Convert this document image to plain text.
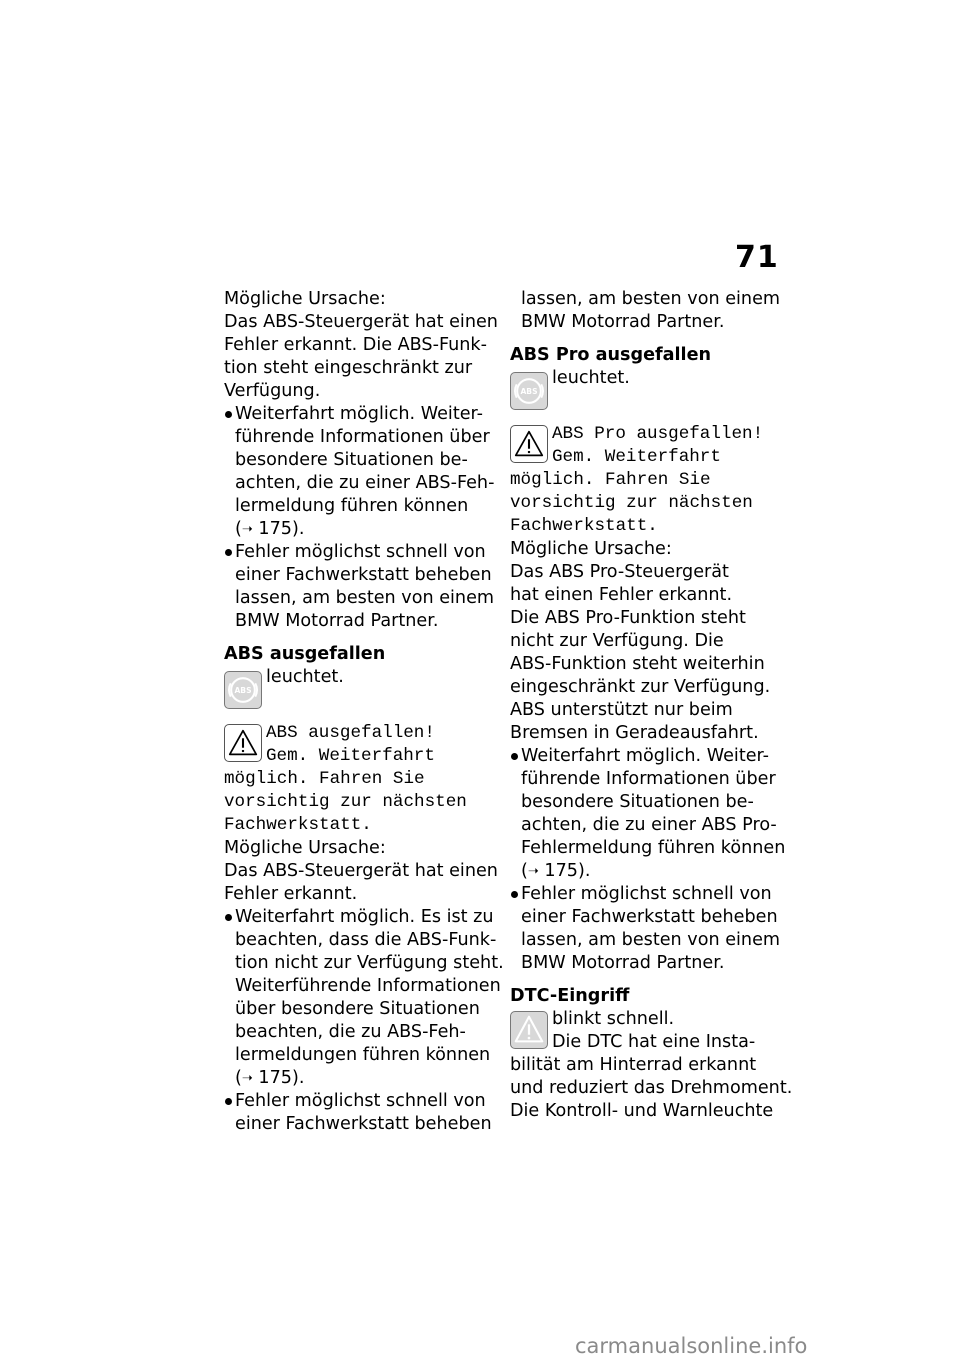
71
Mögliche Ursache:
Das ABS-Steuergerät hat einen
Fehler erkannt. Die ABS-Funk-
tion steht eingeschränkt zur
Verfügung.
Weiterfahrt möglich. Weiter-
führende Informationen über
besondere Situationen be-
achten, die zu einer ABS-Feh-
lermeldung führen können
(➝ 175).
Fehler möglichst schnell von
einer Fachwerkstatt beheben
lassen, am besten von einem
BMW Motorrad Partner.
ABS ausgefallen
ABS
leuchtet.
ABS ausgefallen!
Gem. Weiterfahrt
möglich. Fahren Sie
vorsichtig zur nächsten
Fachwerkstatt.
Mögliche Ursache:
Das ABS-Steuergerät hat einen
Fehler erkannt.
Weiterfahrt möglich. Es ist zu
beachten, dass die ABS-Funk-
tion nicht zur Verfügung steht.
Weiterführende Informationen
über besondere Situationen
beachten, die zu ABS-Feh-
lermeldungen führen können
(➝ 175).
Fehler möglichst schnell von
einer Fachwerkstatt beheben
lassen, am besten von einem
BMW Motorrad Partner.
ABS Pro ausgefallen
ABS
leuchtet.
ABS Pro ausgefallen!
Gem. Weiterfahrt
möglich. Fahren Sie
vorsichtig zur nächsten
Fachwerkstatt.
Mögliche Ursache:
Das ABS Pro-Steuergerät
hat einen Fehler erkannt.
Die ABS Pro-Funktion steht
nicht zur Verfügung. Die
ABS-Funktion steht weiterhin
eingeschränkt zur Verfügung.
ABS unterstützt nur beim
Bremsen in Geradeausfahrt.
Weiterfahrt möglich. Weiter-
führende Informationen über
besondere Situationen be-
achten, die zu einer ABS Pro-
Fehlermeldung führen können
(➝ 175).
Fehler möglichst schnell von
einer Fachwerkstatt beheben
lassen, am besten von einem
BMW Motorrad Partner.
DTC-Eingriff
blinkt schnell.
Die DTC hat eine Insta-
bilität am Hinterrad erkannt
und reduziert das Drehmoment.
Die Kontroll- und Warnleuchte
carmanualsonline.info
